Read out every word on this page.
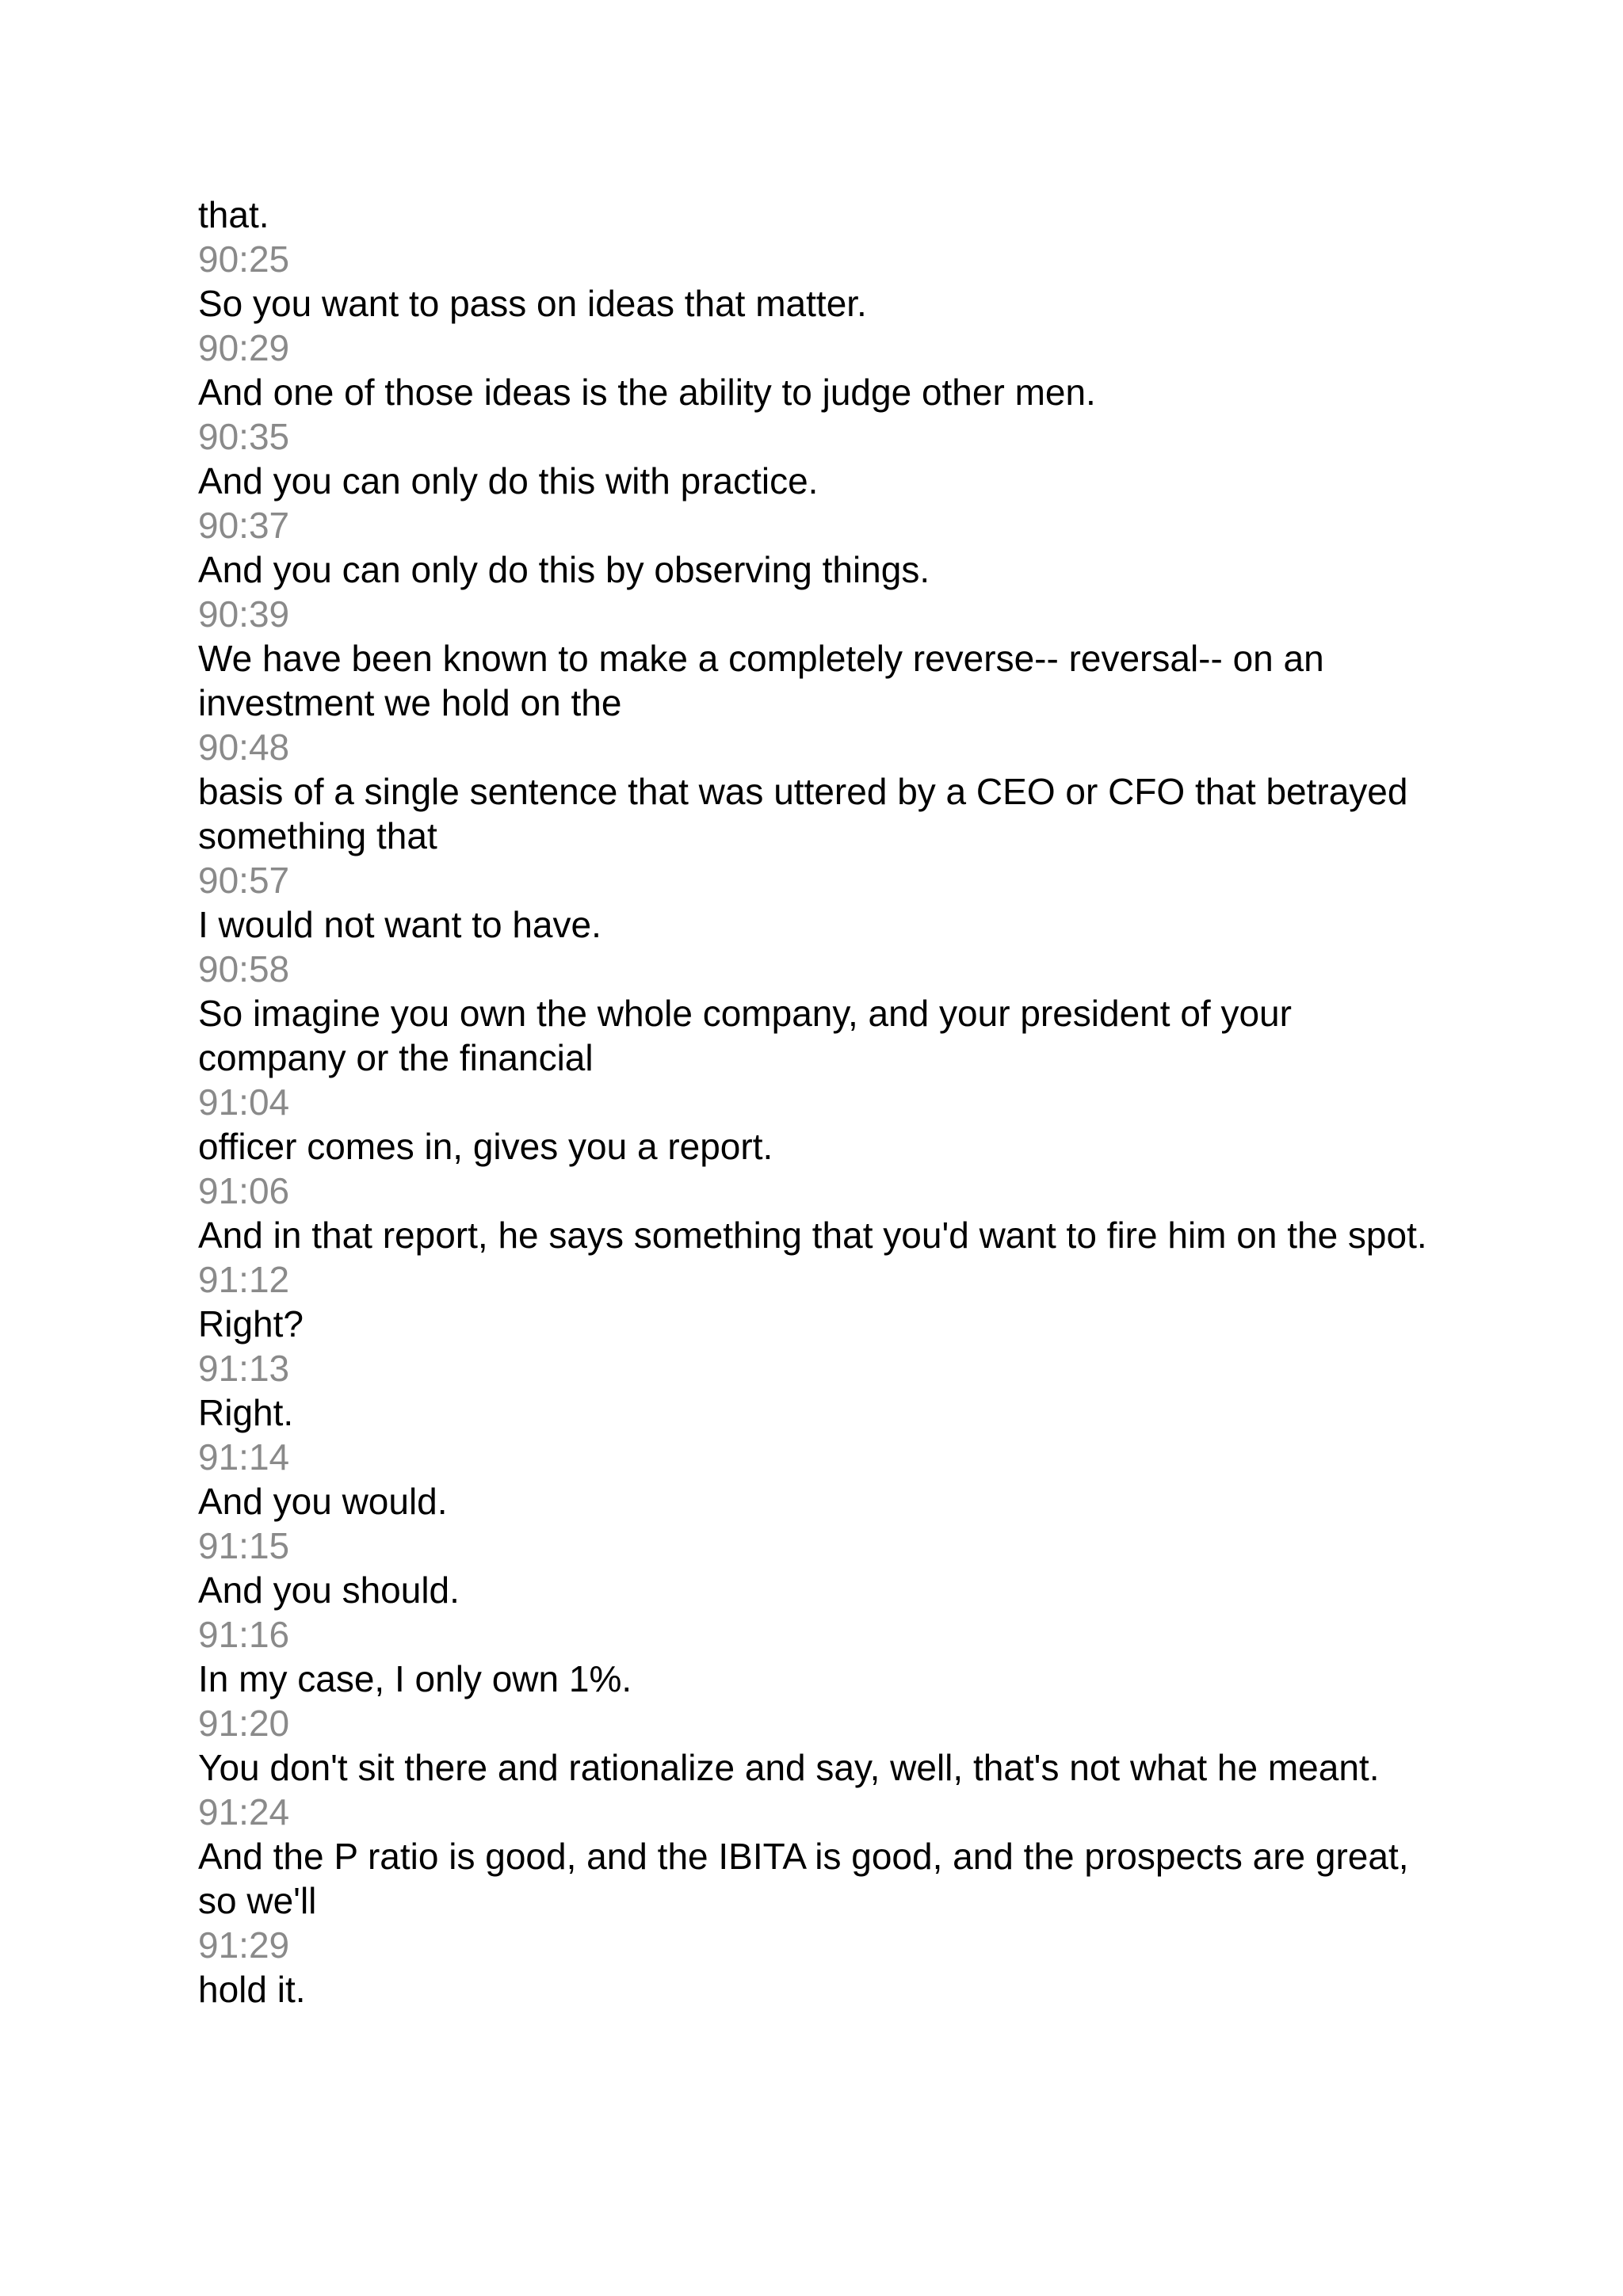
that.
90:25
So you want to pass on ideas that matter.
90:29
And one of those ideas is the ability to judge other men.
90:35
And you can only do this with practice.
90:37
And you can only do this by observing things.
90:39
We have been known to make a completely reverse-- reversal-- on an investment we hold on the
90:48
basis of a single sentence that was uttered by a CEO or CFO that betrayed something that
90:57
I would not want to have.
90:58
So imagine you own the whole company, and your president of your company or the financial
91:04
officer comes in, gives you a report.
91:06
And in that report, he says something that you'd want to fire him on the spot.
91:12
Right?
91:13
Right.
91:14
And you would.
91:15
And you should.
91:16
In my case, I only own 1%.
91:20
You don't sit there and rationalize and say, well, that's not what he meant.
91:24
And the P ratio is good, and the IBITA is good, and the prospects are great, so we'll
91:29
hold it.
